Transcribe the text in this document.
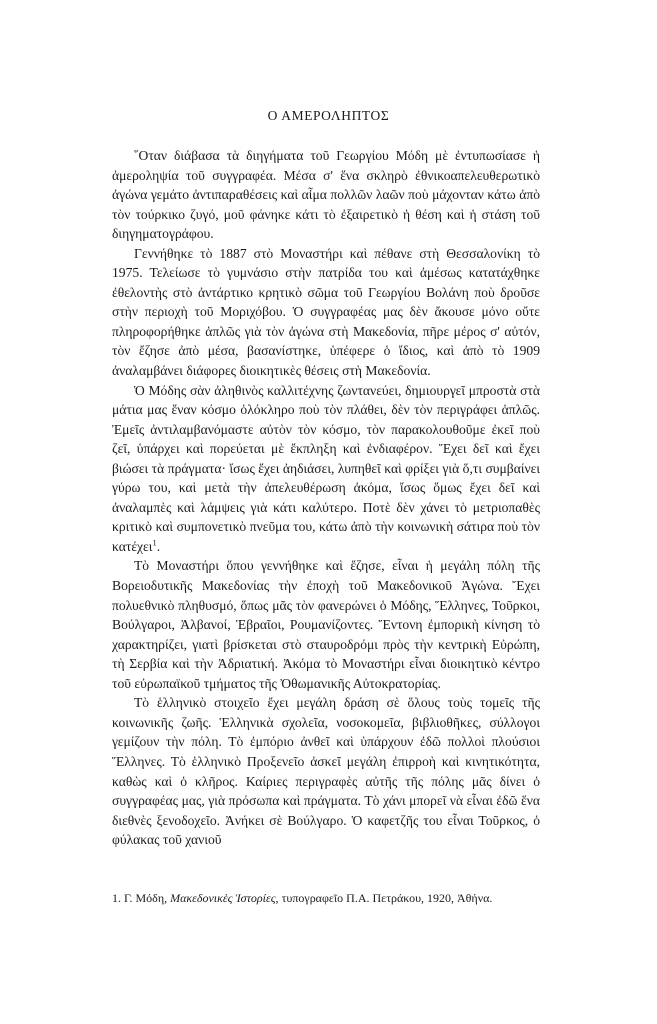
Ο ΑΜΕΡΟΛΗΠΤΟΣ

῞Οταν διάβασα τὰ διηγήματα τοῦ Γεωργίου Μόδη μὲ ἐντυπωσίασε ἡ ἀμεροληψία τοῦ συγγραφέα. Μέσα σ' ἕνα σκληρὸ ἐθνικοαπελευθερωτικὸ ἀγώνα γεμάτο ἀντιπαραθέσεις καὶ αἷμα πολλῶν λαῶν ποὺ μάχονταν κάτω ἀπὸ τὸν τούρκικο ζυγό, μοῦ φάνηκε κάτι τὸ ἐξαιρετικὸ ἡ θέση καὶ ἡ στάση τοῦ διηγηματογράφου.

Γεννήθηκε τὸ 1887 στὸ Μοναστήρι καὶ πέθανε στὴ Θεσσαλονίκη τὸ 1975. Τελείωσε τὸ γυμνάσιο στὴν πατρίδα του καὶ ἀμέσως κατατάχθηκε ἐθελοντὴς στὸ ἀντάρτικο κρητικὸ σῶμα τοῦ Γεωργίου Βολάνη ποὺ δροῦσε στὴν περιοχὴ τοῦ Μοριχόβου. Ὁ συγγραφέας μας δὲν ἄκουσε μόνο οὔτε πληροφορήθηκε ἁπλῶς γιὰ τὸν ἀγώνα στὴ Μακεδονία, πῆρε μέρος σ' αὐτόν, τὸν ἔζησε ἀπὸ μέσα, βασανίστηκε, ὑπέφερε ὁ ἴδιος, καὶ ἀπὸ τὸ 1909 ἀναλαμβάνει διάφορες διοικητικὲς θέσεις στὴ Μακεδονία.

Ὁ Μόδης σὰν ἀληθινὸς καλλιτέχνης ζωντανεύει, δημιουργεῖ μπροστὰ στὰ μάτια μας ἕναν κόσμο ὁλόκληρο ποὺ τὸν πλάθει, δὲν τὸν περιγράφει ἁπλῶς. Ἐμεῖς ἀντιλαμβανόμαστε αὐτὸν τὸν κόσμο, τὸν παρακολουθοῦμε ἐκεῖ ποὺ ζεῖ, ὑπάρχει καὶ πορεύεται μὲ ἔκπληξη καὶ ἐνδιαφέρον. Ἔχει δεῖ καὶ ἔχει βιώσει τὰ πράγματα· ἴσως ἔχει ἀηδιάσει, λυπηθεῖ καὶ φρίξει γιὰ ὅ,τι συμβαίνει γύρω του, καὶ μετὰ τὴν ἀπελευθέρωση ἀκόμα, ἴσως ὅμως ἔχει δεῖ καὶ ἀναλαμπὲς καὶ λάμψεις γιὰ κάτι καλύτερο. Ποτὲ δὲν χάνει τὸ μετριοπαθὲς κριτικὸ καὶ συμπονετικὸ πνεῦμα του, κάτω ἀπὸ τὴν κοινωνικὴ σάτιρα ποὺ τὸν κατέχει$^1$.

Τὸ Μοναστήρι ὅπου γεννήθηκε καὶ ἔζησε, εἶναι ἡ μεγάλη πόλη τῆς Βορειοδυτικῆς Μακεδονίας τὴν ἐποχὴ τοῦ Μακεδονικοῦ Ἀγώνα. Ἔχει πολυεθνικὸ πληθυσμό, ὅπως μᾶς τὸν φανερώνει ὁ Μόδης, Ἕλληνες, Τοῦρκοι, Βούλγαροι, Ἀλβανοί, Ἑβραῖοι, Ρουμανίζοντες. Ἔντονη ἐμπορικὴ κίνηση τὸ χαρακτηρίζει, γιατὶ βρίσκεται στὸ σταυροδρόμι πρὸς τὴν κεντρικὴ Εὐρώπη, τὴ Σερβία καὶ τὴν Ἀδριατική. Ἀκόμα τὸ Μοναστήρι εἶναι διοικητικὸ κέντρο τοῦ εὐρωπαϊκοῦ τμήματος τῆς Ὀθωμανικῆς Αὐτοκρατορίας.

Τὸ ἑλληνικὸ στοιχεῖο ἔχει μεγάλη δράση σὲ ὅλους τοὺς τομεῖς τῆς κοινωνικῆς ζωῆς. Ἑλληνικὰ σχολεῖα, νοσοκομεῖα, βιβλιοθῆκες, σύλλογοι γεμίζουν τὴν πόλη. Τὸ ἐμπόριο ἀνθεῖ καὶ ὑπάρχουν ἐδῶ πολλοὶ πλούσιοι Ἕλληνες. Τὸ ἑλληνικὸ Προξενεῖο ἀσκεῖ μεγάλη ἐπιρροὴ καὶ κινητικότητα, καθὼς καὶ ὁ κλῆρος. Καίριες περιγραφὲς αὐτῆς τῆς πόλης μᾶς δίνει ὁ συγγραφέας μας, γιὰ πρόσωπα καὶ πράγματα. Τὸ χάνι μπορεῖ νὰ εἶναι ἐδῶ ἕνα διεθνὲς ξενοδοχεῖο. Ἀνήκει σὲ Βούλγαρο. Ὁ καφετζῆς του εἶναι Τοῦρκος, ὁ φύλακας τοῦ χανιοῦ

1. Γ. Μόδη, Μακεδονικὲς Ἱστορίες, τυπογραφεῖο Π.Α. Πετράκου, 1920, Ἀθήνα.
